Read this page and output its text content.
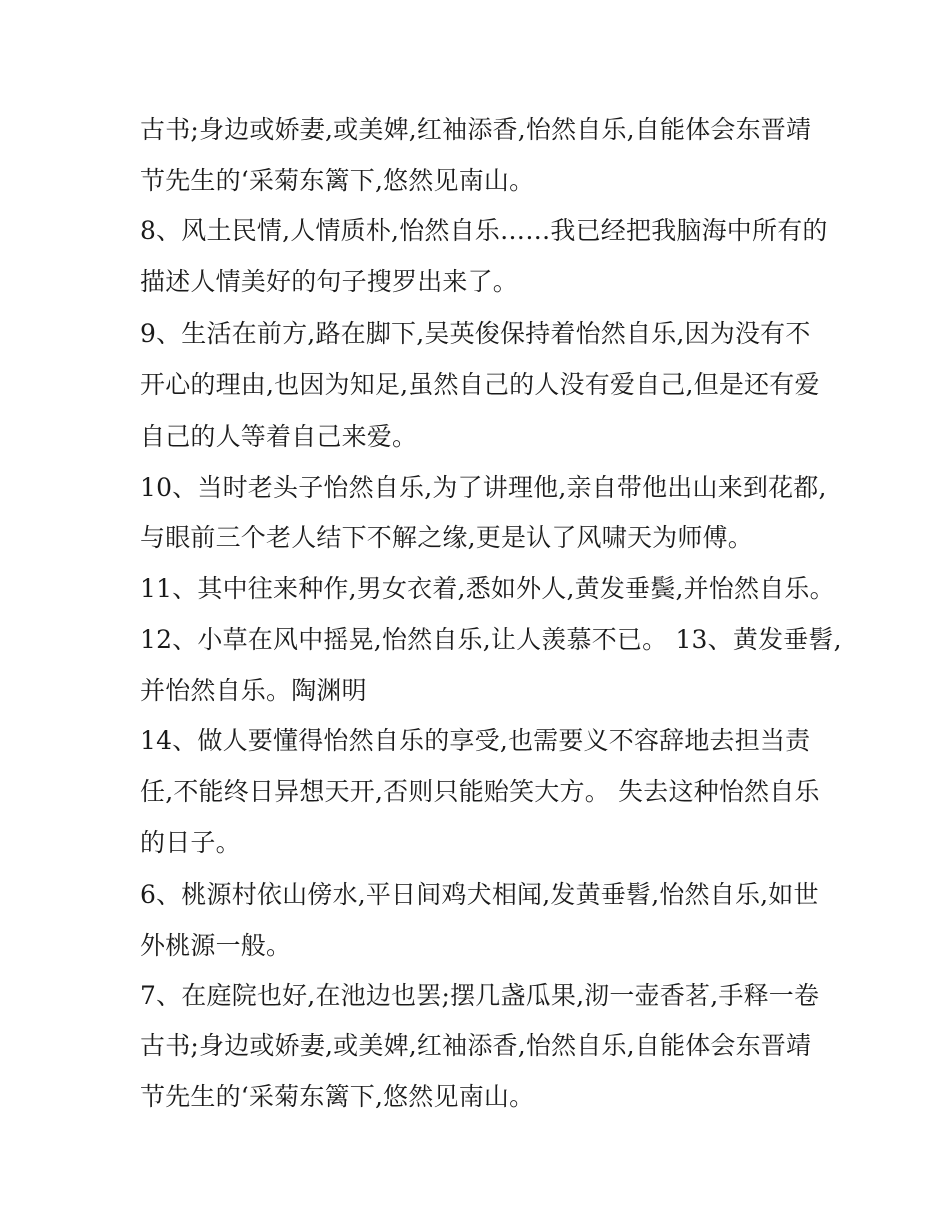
古书;身边或娇妻,或美婢,红袖添香,怡然自乐,自能体会东晋靖
节先生的‘采菊东篱下,悠然见南山。
8、风土民情,人情质朴,怡然自乐……我已经把我脑海中所有的
描述人情美好的句子搜罗出来了。
9、生活在前方,路在脚下,吴英俊保持着怡然自乐,因为没有不
开心的理由,也因为知足,虽然自己的人没有爱自己,但是还有爱
自己的人等着自己来爱。
10、当时老头子怡然自乐,为了讲理他,亲自带他出山来到花都,
与眼前三个老人结下不解之缘,更是认了风啸天为师傅。
11、其中往来种作,男女衣着,悉如外人,黄发垂鬓,并怡然自乐。
12、小草在风中摇晃,怡然自乐,让人羡慕不已。 13、黄发垂髫,
并怡然自乐。陶渊明
14、做人要懂得怡然自乐的享受,也需要义不容辞地去担当责
任,不能终日异想天开,否则只能贻笑大方。 失去这种怡然自乐
的日子。
6、桃源村依山傍水,平日间鸡犬相闻,发黄垂髫,怡然自乐,如世
外桃源一般。
7、在庭院也好,在池边也罢;摆几盏瓜果,沏一壶香茗,手释一卷
古书;身边或娇妻,或美婢,红袖添香,怡然自乐,自能体会东晋靖
节先生的‘采菊东篱下,悠然见南山。
